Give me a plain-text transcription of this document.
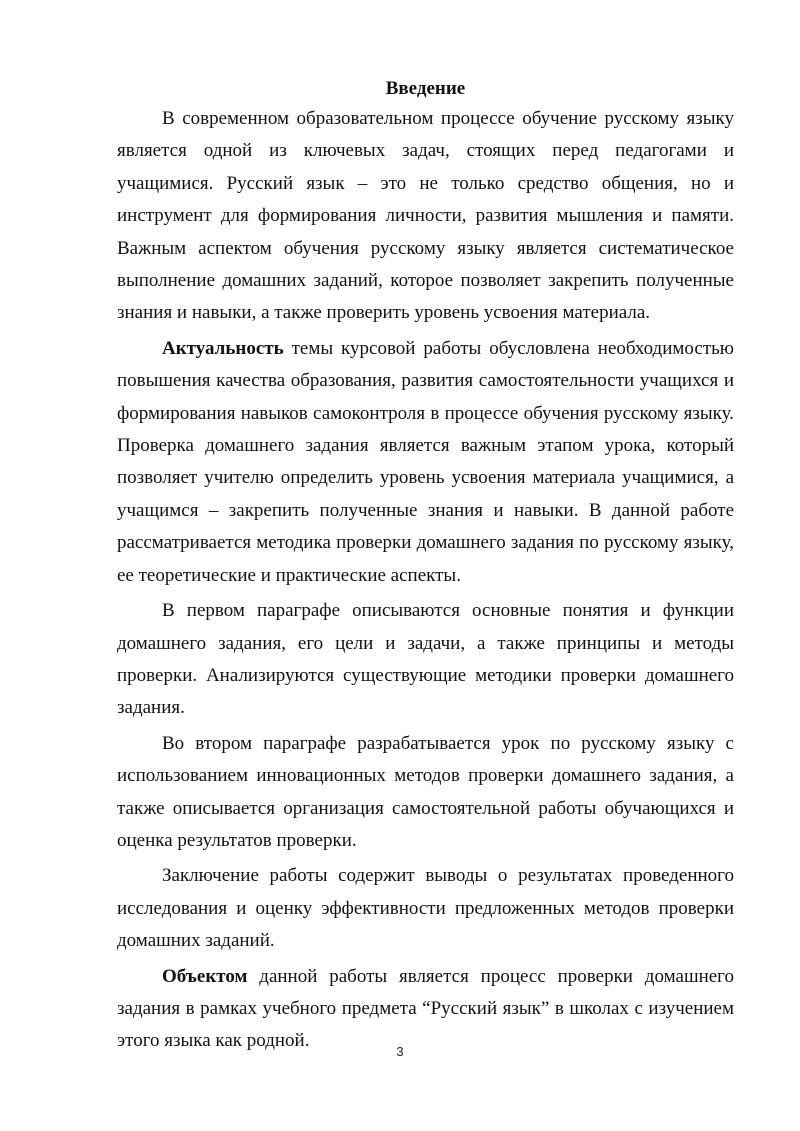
Введение

В современном образовательном процессе обучение русскому языку является одной из ключевых задач, стоящих перед педагогами и учащимися. Русский язык – это не только средство общения, но и инструмент для формирования личности, развития мышления и памяти. Важным аспектом обучения русскому языку является систематическое выполнение домашних заданий, которое позволяет закрепить полученные знания и навыки, а также проверить уровень усвоения материала.

Актуальность темы курсовой работы обусловлена необходимостью повышения качества образования, развития самостоятельности учащихся и формирования навыков самоконтроля в процессе обучения русскому языку. Проверка домашнего задания является важным этапом урока, который позволяет учителю определить уровень усвоения материала учащимися, а учащимся – закрепить полученные знания и навыки. В данной работе рассматривается методика проверки домашнего задания по русскому языку, ее теоретические и практические аспекты.

В первом параграфе описываются основные понятия и функции домашнего задания, его цели и задачи, а также принципы и методы проверки. Анализируются существующие методики проверки домашнего задания.

Во втором параграфе разрабатывается урок по русскому языку с использованием инновационных методов проверки домашнего задания, а также описывается организация самостоятельной работы обучающихся и оценка результатов проверки.

Заключение работы содержит выводы о результатах проведенного исследования и оценку эффективности предложенных методов проверки домашних заданий.

Объектом данной работы является процесс проверки домашнего задания в рамках учебного предмета “Русский язык” в школах с изучением этого языка как родной.

3
